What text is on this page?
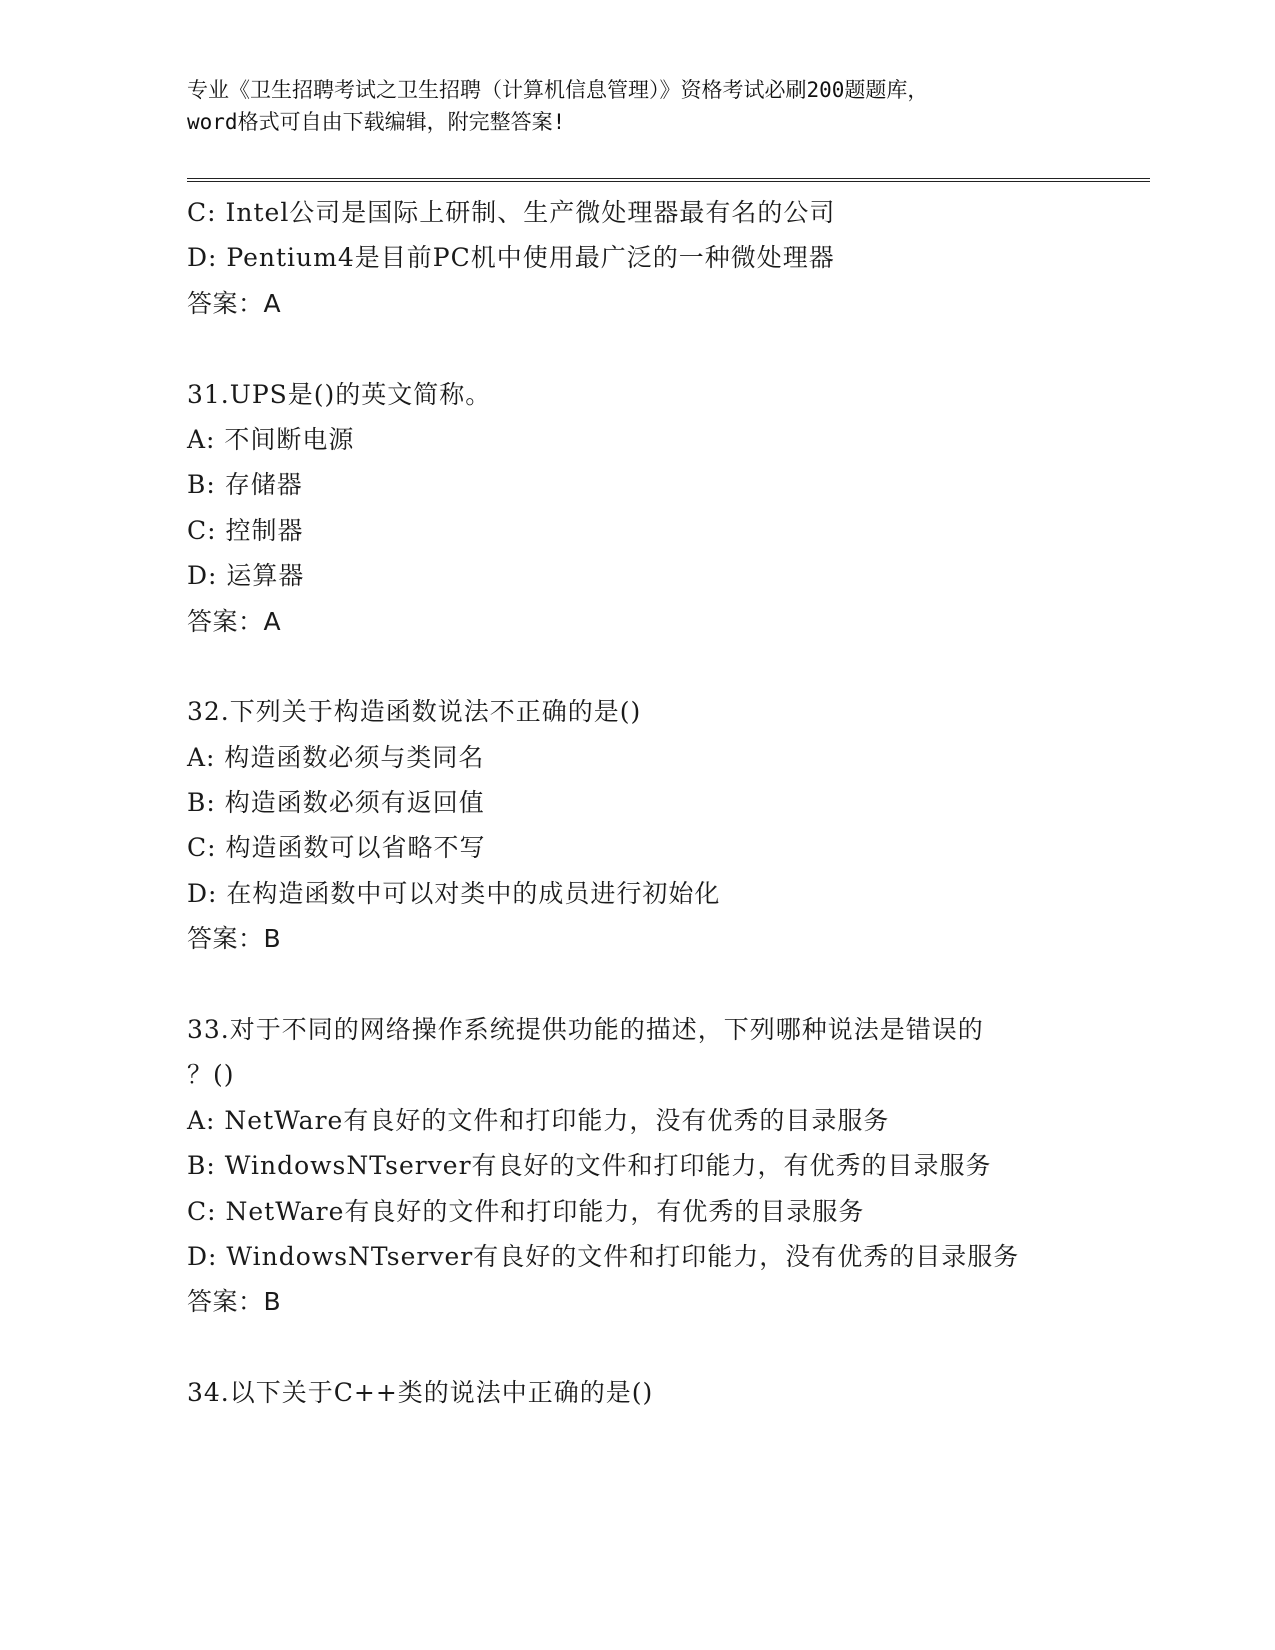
专业《卫生招聘考试之卫生招聘（计算机信息管理）》资格考试必刷200题题库，
word格式可自由下载编辑，附完整答案!
C: Intel公司是国际上研制、生产微处理器最有名的公司
D: Pentium4是目前PC机中使用最广泛的一种微处理器
答案：A
31.UPS是()的英文简称。
A: 不间断电源
B: 存储器
C: 控制器
D: 运算器
答案：A
32.下列关于构造函数说法不正确的是()
A: 构造函数必须与类同名
B: 构造函数必须有返回值
C: 构造函数可以省略不写
D: 在构造函数中可以对类中的成员进行初始化
答案：B
33.对于不同的网络操作系统提供功能的描述，下列哪种说法是错误的
？()
A: NetWare有良好的文件和打印能力，没有优秀的目录服务
B: WindowsNTserver有良好的文件和打印能力，有优秀的目录服务
C: NetWare有良好的文件和打印能力，有优秀的目录服务
D: WindowsNTserver有良好的文件和打印能力，没有优秀的目录服务
答案：B
34.以下关于C++类的说法中正确的是()
